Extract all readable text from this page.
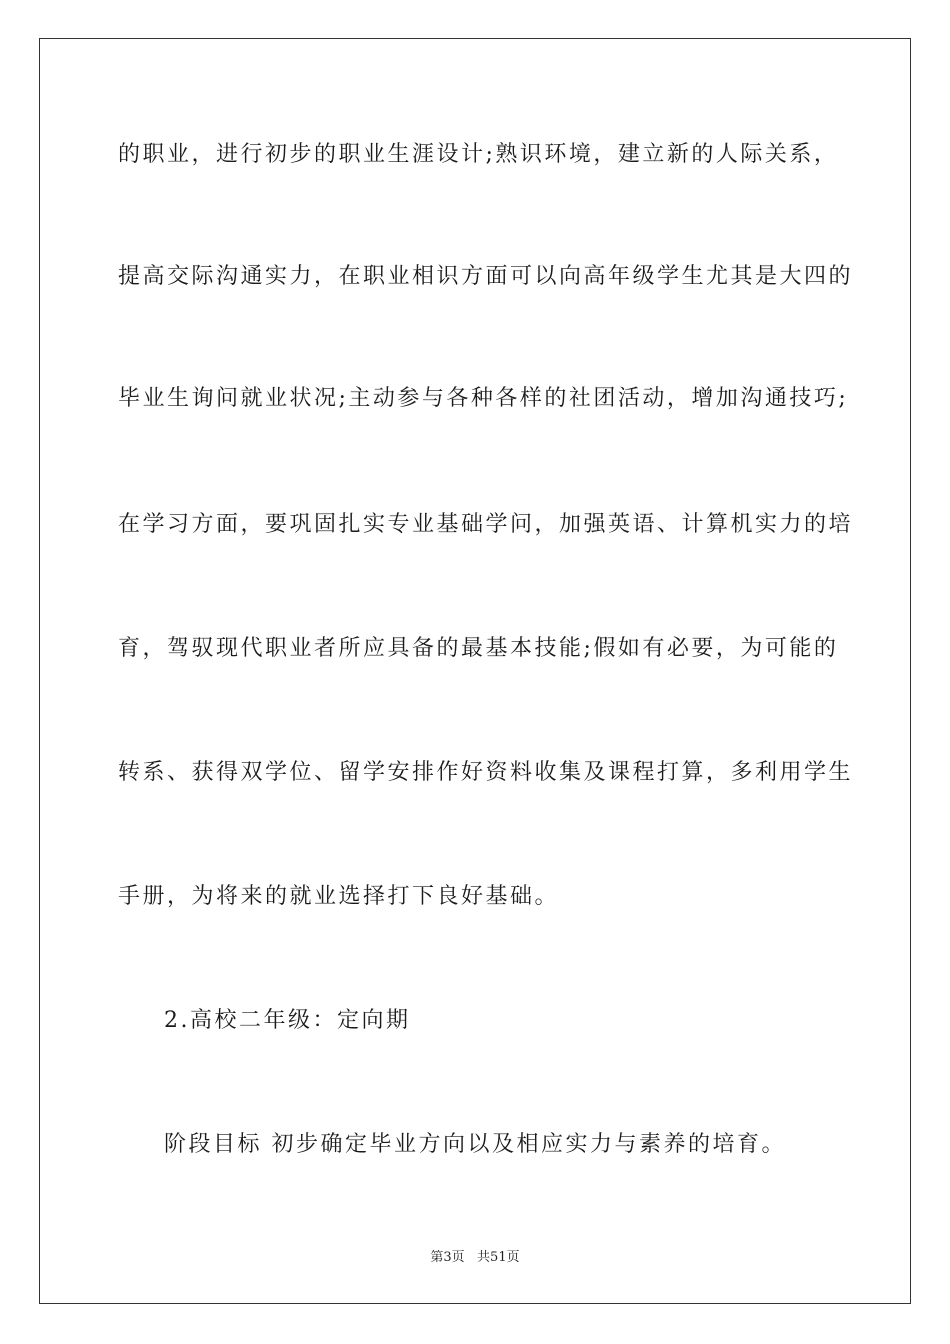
的职业，进行初步的职业生涯设计;熟识环境，建立新的人际关系，
提高交际沟通实力，在职业相识方面可以向高年级学生尤其是大四的
毕业生询问就业状况;主动参与各种各样的社团活动，增加沟通技巧;
在学习方面，要巩固扎实专业基础学问，加强英语、计算机实力的培
育，驾驭现代职业者所应具备的最基本技能;假如有必要，为可能的
转系、获得双学位、留学安排作好资料收集及课程打算，多利用学生
手册，为将来的就业选择打下良好基础。
2.高校二年级：定向期
阶段目标 初步确定毕业方向以及相应实力与素养的培育。
第3页   共51页
